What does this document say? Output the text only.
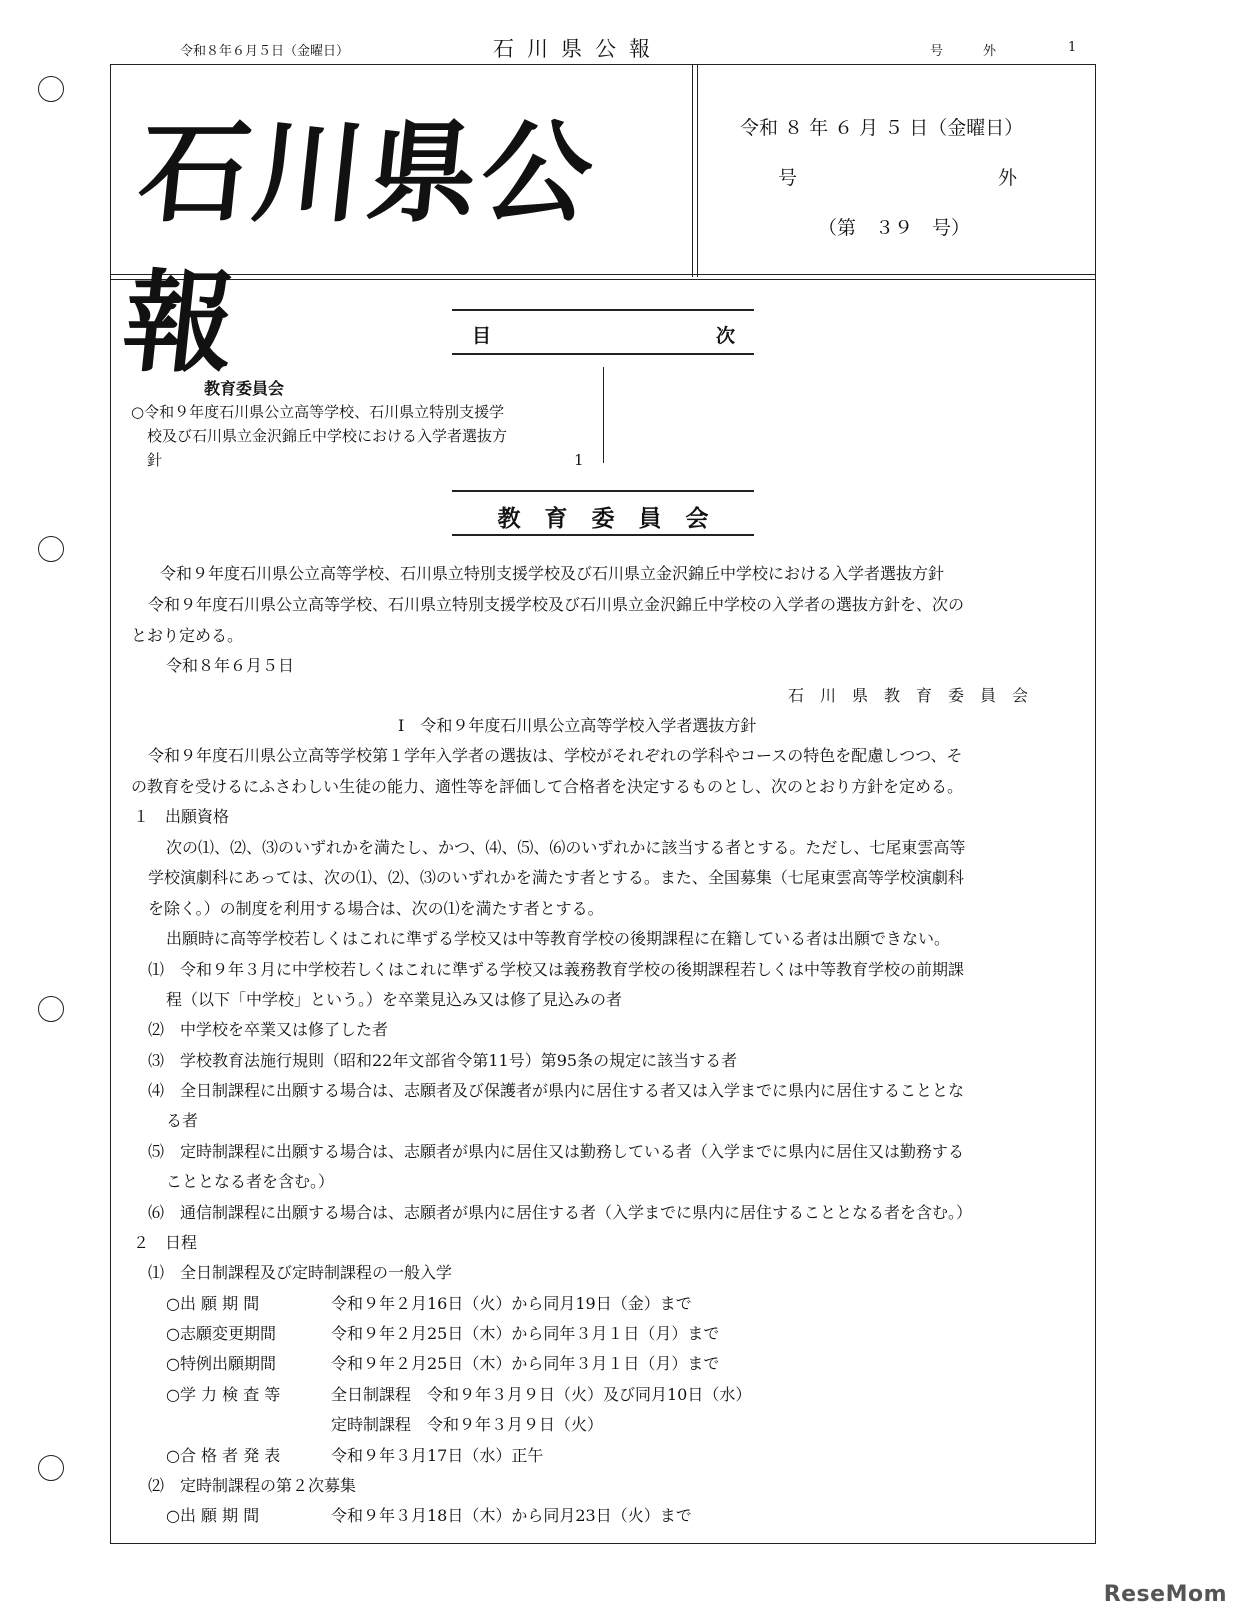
令和８年６月５日（金曜日）	石川県公報	号外 1
石川県公報
令和 ８ 年 ６ 月 ５ 日（金曜日）
号	外
（第　３９　号）
目	次
教育委員会
○令和９年度石川県公立高等学校、石川県立特別支援学
校及び石川県立金沢錦丘中学校における入学者選抜方
針	1
教育委員会
令和９年度石川県公立高等学校、石川県立特別支援学校及び石川県立金沢錦丘中学校における入学者選抜方針
令和９年度石川県公立高等学校、石川県立特別支援学校及び石川県立金沢錦丘中学校の入学者の選抜方針を、次の
とおり定める。
令和８年６月５日
石　川　県　教　育　委　員　会
Ⅰ　令和９年度石川県公立高等学校入学者選抜方針
令和９年度石川県公立高等学校第１学年入学者の選抜は、学校がそれぞれの学科やコースの特色を配慮しつつ、そ
の教育を受けるにふさわしい生徒の能力、適性等を評価して合格者を決定するものとし、次のとおり方針を定める。
１　出願資格
次の⑴、⑵、⑶のいずれかを満たし、かつ、⑷、⑸、⑹のいずれかに該当する者とする。ただし、七尾東雲高等
学校演劇科にあっては、次の⑴、⑵、⑶のいずれかを満たす者とする。また、全国募集（七尾東雲高等学校演劇科
を除く。）の制度を利用する場合は、次の⑴を満たす者とする。
出願時に高等学校若しくはこれに準ずる学校又は中等教育学校の後期課程に在籍している者は出願できない。
⑴　令和９年３月に中学校若しくはこれに準ずる学校又は義務教育学校の後期課程若しくは中等教育学校の前期課
程（以下「中学校」という。）を卒業見込み又は修了見込みの者
⑵　中学校を卒業又は修了した者
⑶　学校教育法施行規則（昭和22年文部省令第11号）第95条の規定に該当する者
⑷　全日制課程に出願する場合は、志願者及び保護者が県内に居住する者又は入学までに県内に居住することとな
る者
⑸　定時制課程に出願する場合は、志願者が県内に居住又は勤務している者（入学までに県内に居住又は勤務する
こととなる者を含む。）
⑹　通信制課程に出願する場合は、志願者が県内に居住する者（入学までに県内に居住することとなる者を含む。）
２　日程
⑴　全日制課程及び定時制課程の一般入学
○出 願 期 間	令和９年２月16日（火）から同月19日（金）まで
○志願変更期間	令和９年２月25日（木）から同年３月１日（月）まで
○特例出願期間	令和９年２月25日（木）から同年３月１日（月）まで
○学 力 検 査 等	全日制課程　令和９年３月９日（火）及び同月10日（水）
定時制課程　令和９年３月９日（火）
○合 格 者 発 表	令和９年３月17日（水）正午
⑵　定時制課程の第２次募集
○出 願 期 間	令和９年３月18日（木）から同月23日（火）まで
ReseMom
